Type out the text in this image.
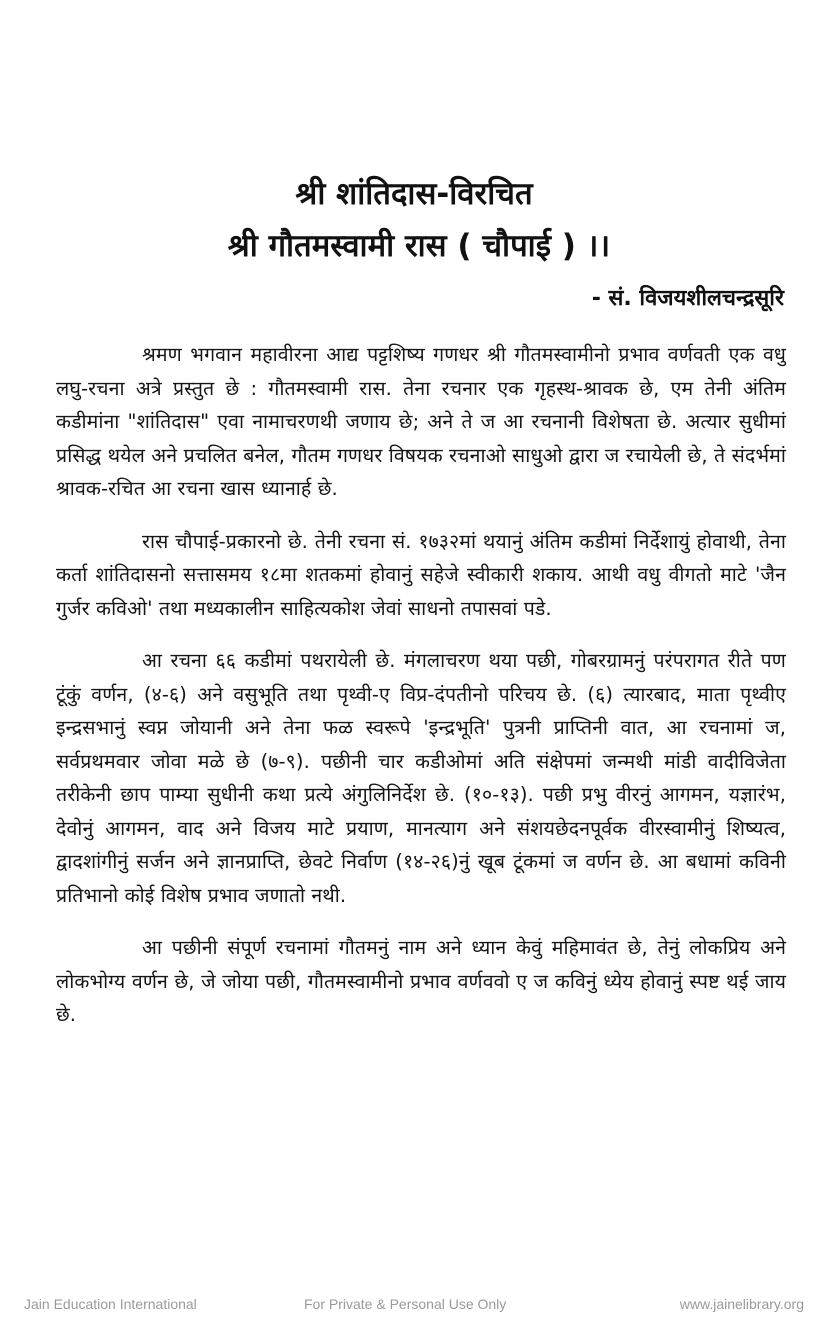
श्री शांतिदास-विरचित
श्री गौतमस्वामी रास ( चौपाई ) ।।
- सं. विजयशीलचन्द्रसूरि

श्रमण भगवान महावीरना आद्य पट्टशिष्य गणधर श्री गौतमस्वामीनो प्रभाव वर्णवती एक वधु लघु-रचना अत्रे प्रस्तुत छे : गौतमस्वामी रास. तेना रचनार एक गृहस्थ-श्रावक छे, एम तेनी अंतिम कडीमांना "शांतिदास" एवा नामाचरणथी जणाय छे; अने ते ज आ रचनानी विशेषता छे. अत्यार सुधीमां प्रसिद्ध थयेल अने प्रचलित बनेल, गौतम गणधर विषयक रचनाओ साधुओ द्वारा ज रचायेली छे, ते संदर्भमां श्रावक-रचित आ रचना खास ध्यानार्ह छे.

रास चौपाई-प्रकारनो छे. तेनी रचना सं. १७३२मां थयानुं अंतिम कडीमां निर्देशायुं होवाथी, तेना कर्ता शांतिदासनो सत्तासमय १८मा शतकमां होवानुं सहेजे स्वीकारी शकाय. आथी वधु वीगतो माटे 'जैन गुर्जर कविओ' तथा मध्यकालीन साहित्यकोश जेवां साधनो तपासवां पडे.

आ रचना ६६ कडीमां पथरायेली छे. मंगलाचरण थया पछी, गोबरग्रामनुं परंपरागत रीते पण टूंकुं वर्णन, (४-६) अने वसुभूति तथा पृथ्वी-ए विप्र-दंपतीनो परिचय छे. (६) त्यारबाद, माता पृथ्वीए इन्द्रसभानुं स्वप्न जोयानी अने तेना फळ स्वरूपे 'इन्द्रभूति' पुत्रनी प्राप्तिनी वात, आ रचनामां ज, सर्वप्रथमवार जोवा मळे छे (७-९). पछीनी चार कडीओमां अति संक्षेपमां जन्मथी मांडी वादीविजेता तरीकेनी छाप पाम्या सुधीनी कथा प्रत्ये अंगुलिनिर्देश छे. (१०-१३). पछी प्रभु वीरनुं आगमन, यज्ञारंभ, देवोनुं आगमन, वाद अने विजय माटे प्रयाण, मानत्याग अने संशयछेदनपूर्वक वीरस्वामीनुं शिष्यत्व, द्वादशांगीनुं सर्जन अने ज्ञानप्राप्ति, छेवटे निर्वाण (१४-२६)नुं खूब टूंकमां ज वर्णन छे. आ बधामां कविनी प्रतिभानो कोई विशेष प्रभाव जणातो नथी.

आ पछीनी संपूर्ण रचनामां गौतमनुं नाम अने ध्यान केवुं महिमावंत छे, तेनुं लोकप्रिय अने लोकभोग्य वर्णन छे, जे जोया पछी, गौतमस्वामीनो प्रभाव वर्णववो ए ज कविनुं ध्येय होवानुं स्पष्ट थई जाय छे.

Jain Education International	For Private & Personal Use Only	www.jainelibrary.org
